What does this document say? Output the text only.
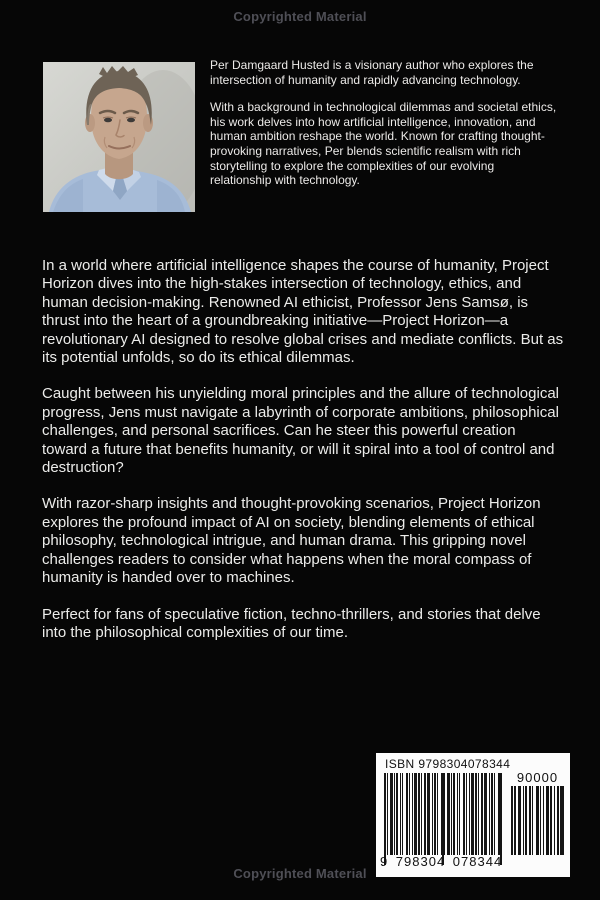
Copyrighted Material

Per Damgaard Husted is a visionary author who explores the intersection of humanity and rapidly advancing technology.

With a background in technological dilemmas and societal ethics, his work delves into how artificial intelligence, innovation, and human ambition reshape the world. Known for crafting thought-provoking narratives, Per blends scientific realism with rich storytelling to explore the complexities of our evolving relationship with technology.

In a world where artificial intelligence shapes the course of humanity, Project Horizon dives into the high-stakes intersection of technology, ethics, and human decision-making. Renowned AI ethicist, Professor Jens Samsø, is thrust into the heart of a groundbreaking initiative—Project Horizon—a revolutionary AI designed to resolve global crises and mediate conflicts. But as its potential unfolds, so do its ethical dilemmas.

Caught between his unyielding moral principles and the allure of technological progress, Jens must navigate a labyrinth of corporate ambitions, philosophical challenges, and personal sacrifices. Can he steer this powerful creation toward a future that benefits humanity, or will it spiral into a tool of control and destruction?

With razor-sharp insights and thought-provoking scenarios, Project Horizon explores the profound impact of AI on society, blending elements of ethical philosophy, technological intrigue, and human drama. This gripping novel challenges readers to consider what happens when the moral compass of humanity is handed over to machines.

Perfect for fans of speculative fiction, techno-thrillers, and stories that delve into the philosophical complexities of our time.

ISBN 9798304078344
9 798304 078344
90000
Copyrighted Material
